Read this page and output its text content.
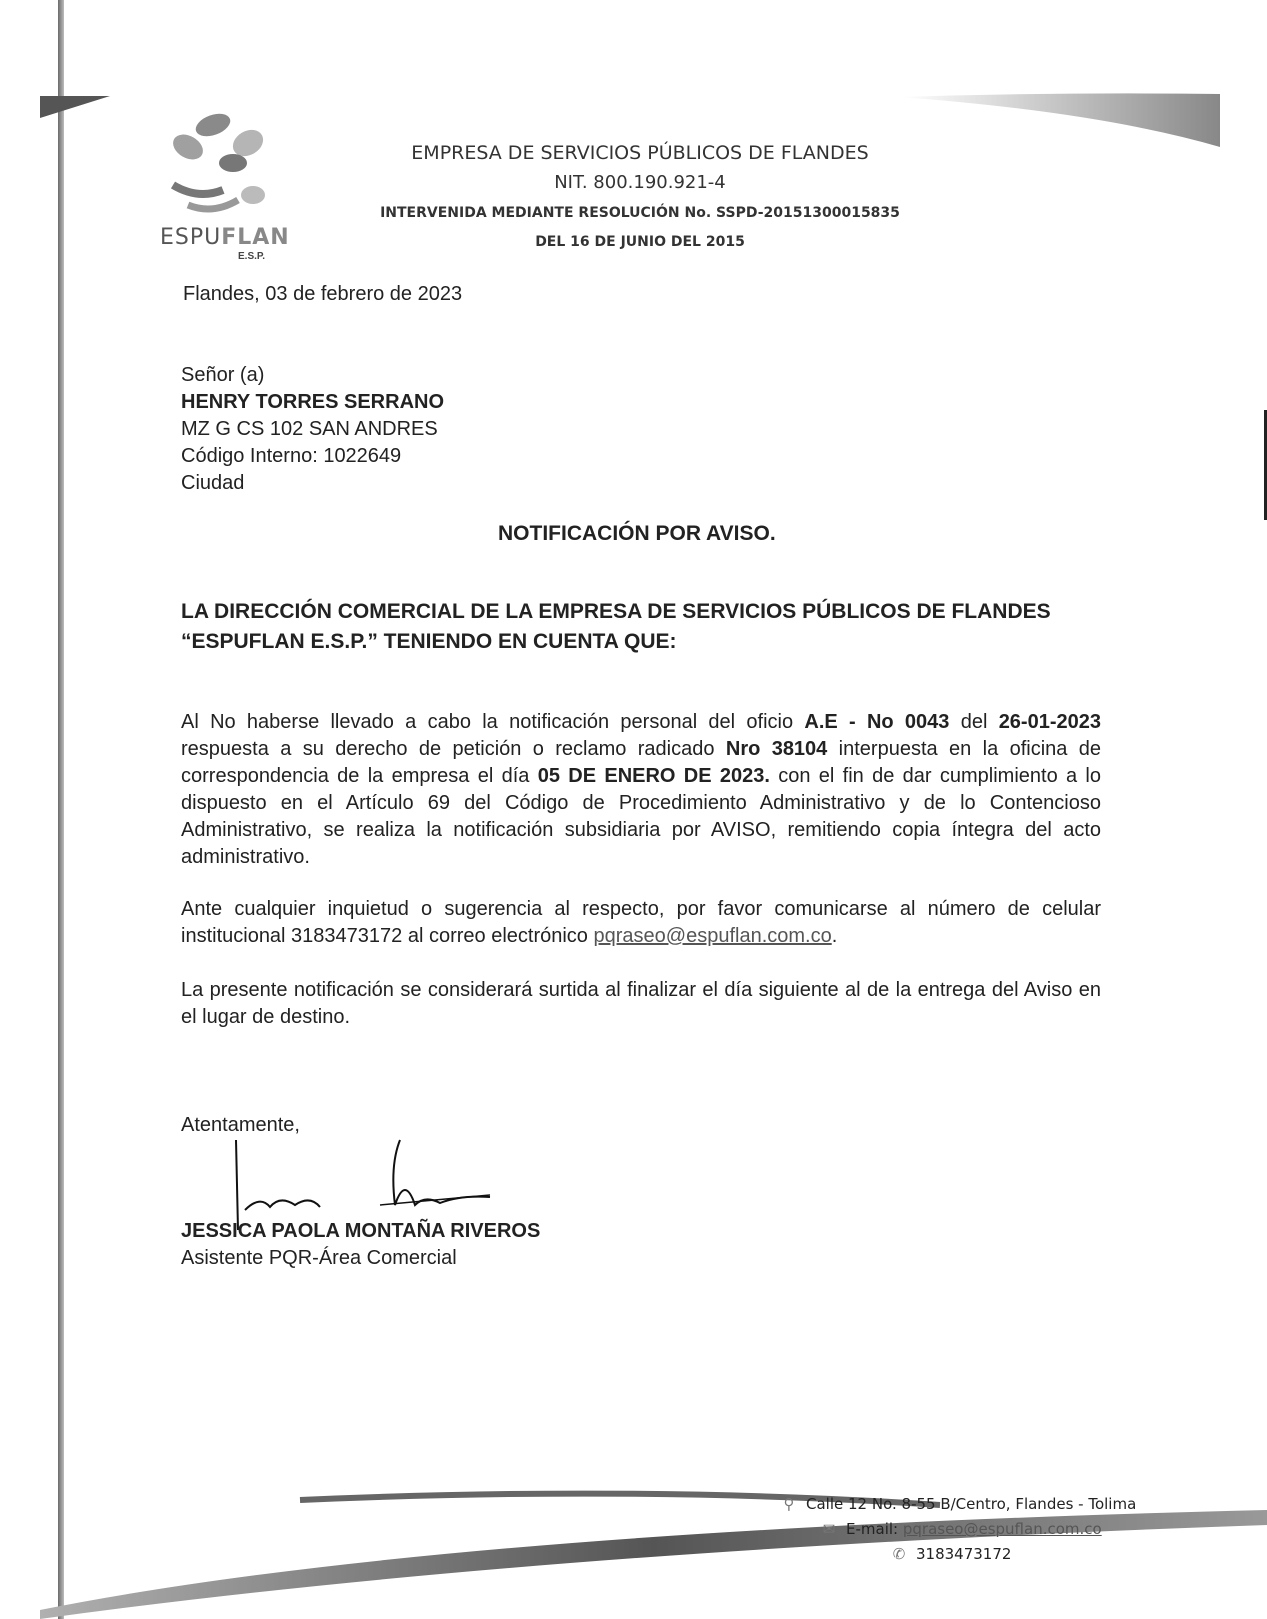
ESPUFLAN
E.S.P.
EMPRESA DE SERVICIOS PÚBLICOS DE FLANDES
NIT. 800.190.921-4
INTERVENIDA MEDIANTE RESOLUCIÓN No. SSPD-20151300015835
DEL 16 DE JUNIO DEL 2015
Flandes, 03 de febrero de 2023
Señor (a)
HENRY TORRES SERRANO
MZ G CS 102 SAN ANDRES
Código Interno: 1022649
Ciudad
NOTIFICACIÓN POR AVISO.
LA DIRECCIÓN COMERCIAL DE LA EMPRESA DE SERVICIOS PÚBLICOS DE FLANDES “ESPUFLAN E.S.P.” TENIENDO EN CUENTA QUE:
Al No haberse llevado a cabo la notificación personal del oficio A.E - No 0043 del 26-01-2023 respuesta a su derecho de petición o reclamo radicado Nro 38104 interpuesta en la oficina de correspondencia de la empresa el día 05 DE ENERO DE 2023. con el fin de dar cumplimiento a lo dispuesto en el Artículo 69 del Código de Procedimiento Administrativo y de lo Contencioso Administrativo, se realiza la notificación subsidiaria por AVISO, remitiendo copia íntegra del acto administrativo.
Ante cualquier inquietud o sugerencia al respecto, por favor comunicarse al número de celular institucional 3183473172 al correo electrónico pqraseo@espuflan.com.co.
La presente notificación se considerará surtida al finalizar el día siguiente al de la entrega del Aviso en el lugar de destino.
Atentamente,
JESSICA PAOLA MONTAÑA RIVEROS
Asistente PQR-Área Comercial
⚲ Calle 12 No. 8-55 B/Centro, Flandes - Tolima
✉ E-mail: pqraseo@espuflan.com.co
✆ 3183473172
